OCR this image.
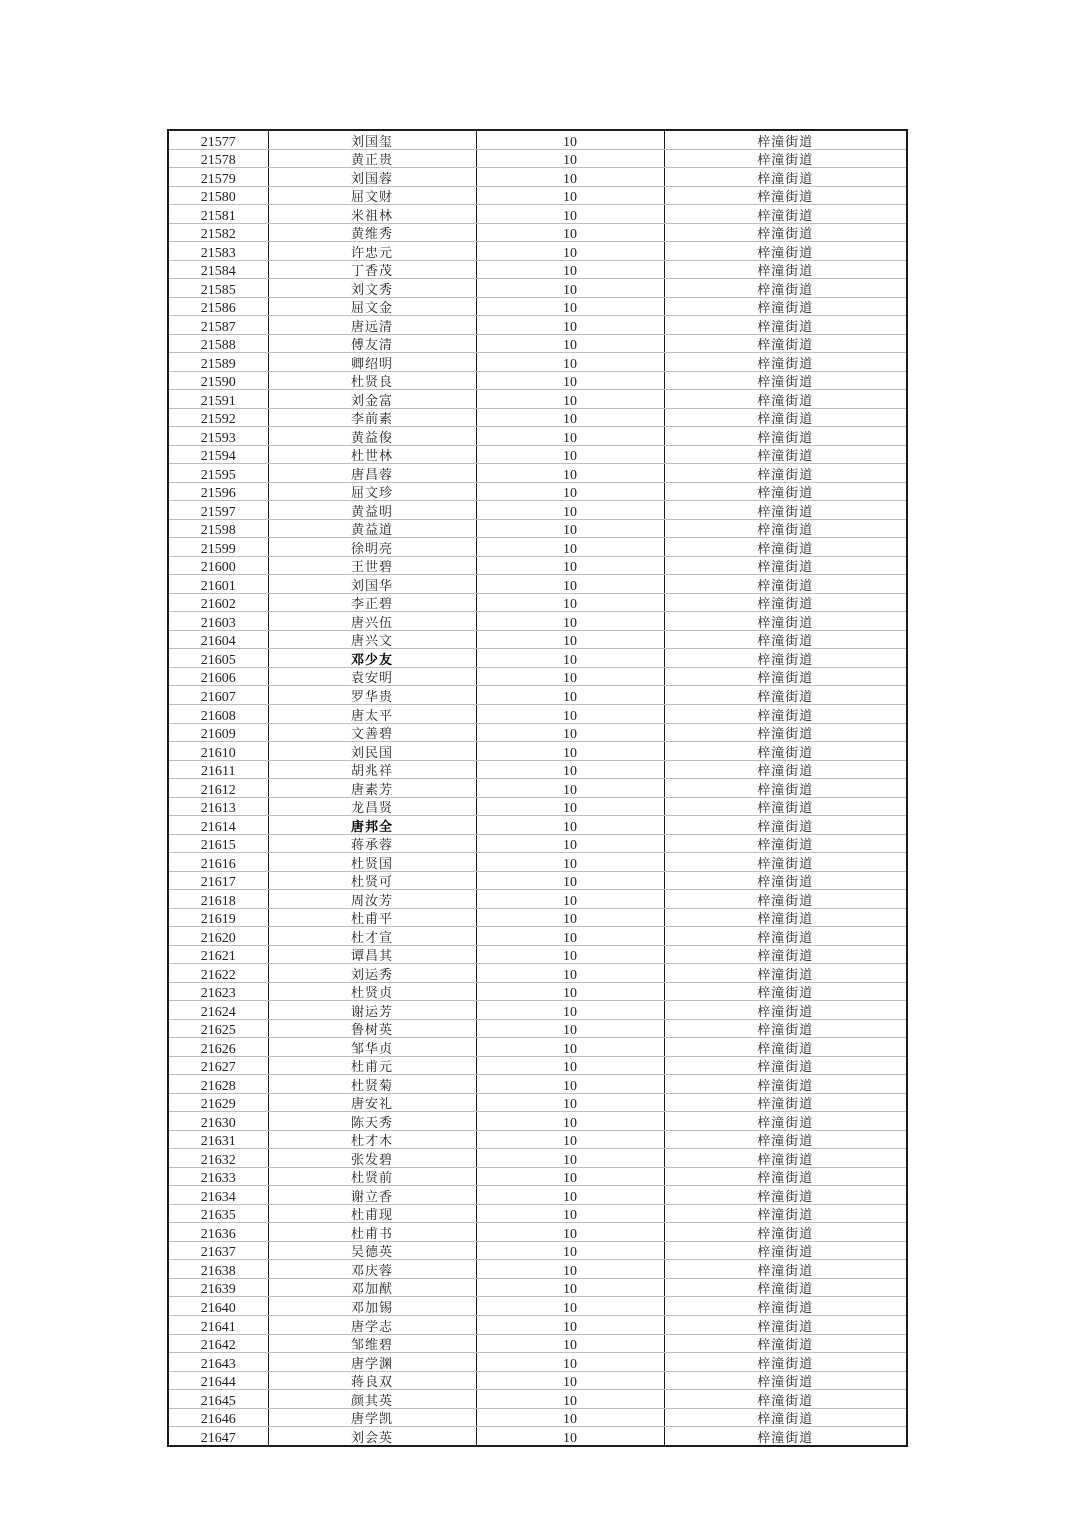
21577	刘国玺	10	梓潼街道
21578	黄正贵	10	梓潼街道
21579	刘国蓉	10	梓潼街道
21580	屈文财	10	梓潼街道
21581	米祖林	10	梓潼街道
21582	黄维秀	10	梓潼街道
21583	许忠元	10	梓潼街道
21584	丁香茂	10	梓潼街道
21585	刘文秀	10	梓潼街道
21586	屈文金	10	梓潼街道
21587	唐远清	10	梓潼街道
21588	傅友清	10	梓潼街道
21589	卿绍明	10	梓潼街道
21590	杜贤良	10	梓潼街道
21591	刘金富	10	梓潼街道
21592	李前素	10	梓潼街道
21593	黄益俊	10	梓潼街道
21594	杜世林	10	梓潼街道
21595	唐昌蓉	10	梓潼街道
21596	屈文珍	10	梓潼街道
21597	黄益明	10	梓潼街道
21598	黄益道	10	梓潼街道
21599	徐明亮	10	梓潼街道
21600	王世碧	10	梓潼街道
21601	刘国华	10	梓潼街道
21602	李正碧	10	梓潼街道
21603	唐兴伍	10	梓潼街道
21604	唐兴文	10	梓潼街道
21605	邓少友	10	梓潼街道
21606	袁安明	10	梓潼街道
21607	罗华贵	10	梓潼街道
21608	唐太平	10	梓潼街道
21609	文善碧	10	梓潼街道
21610	刘民国	10	梓潼街道
21611	胡兆祥	10	梓潼街道
21612	唐素芳	10	梓潼街道
21613	龙昌贤	10	梓潼街道
21614	唐邦全	10	梓潼街道
21615	蒋承蓉	10	梓潼街道
21616	杜贤国	10	梓潼街道
21617	杜贤可	10	梓潼街道
21618	周汝芳	10	梓潼街道
21619	杜甫平	10	梓潼街道
21620	杜才宣	10	梓潼街道
21621	谭昌其	10	梓潼街道
21622	刘运秀	10	梓潼街道
21623	杜贤贞	10	梓潼街道
21624	谢运芳	10	梓潼街道
21625	鲁树英	10	梓潼街道
21626	邹华贞	10	梓潼街道
21627	杜甫元	10	梓潼街道
21628	杜贤菊	10	梓潼街道
21629	唐安礼	10	梓潼街道
21630	陈天秀	10	梓潼街道
21631	杜才木	10	梓潼街道
21632	张发碧	10	梓潼街道
21633	杜贤前	10	梓潼街道
21634	谢立香	10	梓潼街道
21635	杜甫现	10	梓潼街道
21636	杜甫书	10	梓潼街道
21637	吴德英	10	梓潼街道
21638	邓庆蓉	10	梓潼街道
21639	邓加猷	10	梓潼街道
21640	邓加锡	10	梓潼街道
21641	唐学志	10	梓潼街道
21642	邹维碧	10	梓潼街道
21643	唐学渊	10	梓潼街道
21644	蒋良双	10	梓潼街道
21645	颜其英	10	梓潼街道
21646	唐学凯	10	梓潼街道
21647	刘会英	10	梓潼街道
